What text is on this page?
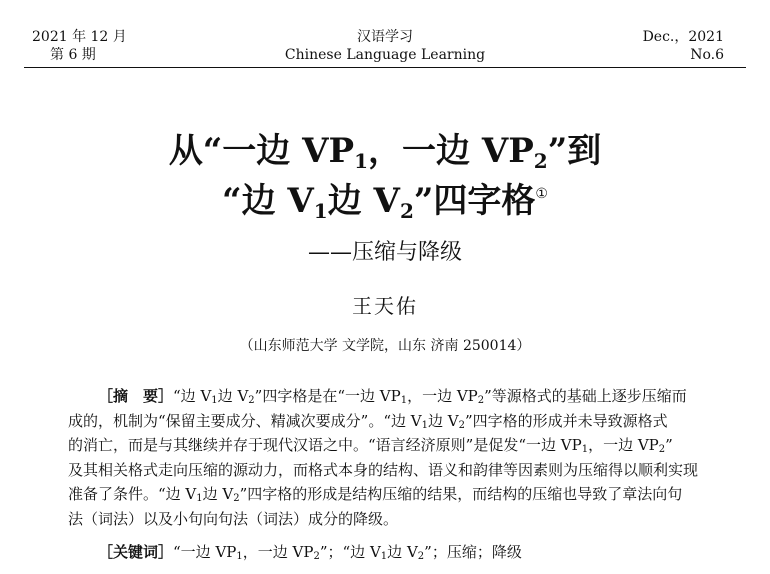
2021 年 12 月
第 6 期
汉语学习
Chinese Language Learning
Dec.，2021
No.6
从“一边 $VP_1$，一边 $VP_2$”到
“边 $V_1$边 $V_2$”四字格①
——压缩与降级
王天佑
（山东师范大学 文学院，山东 济南 250014）
［摘　要］“边 $V_1$边 $V_2$”四字格是在“一边 $VP_1$，一边 $VP_2$”等源格式的基础上逐步压缩而
成的，机制为“保留主要成分、精减次要成分”。“边 $V_1$边 $V_2$”四字格的形成并未导致源格式
的消亡，而是与其继续并存于现代汉语之中。“语言经济原则”是促发“一边 $VP_1$，一边 $VP_2$”
及其相关格式走向压缩的源动力，而格式本身的结构、语义和韵律等因素则为压缩得以顺利实现
准备了条件。“边 $V_1$边 $V_2$”四字格的形成是结构压缩的结果，而结构的压缩也导致了章法向句
法（词法）以及小句向句法（词法）成分的降级。
［关键词］“一边 $VP_1$，一边 $VP_2$”；“边 $V_1$边 $V_2$”；压缩；降级
